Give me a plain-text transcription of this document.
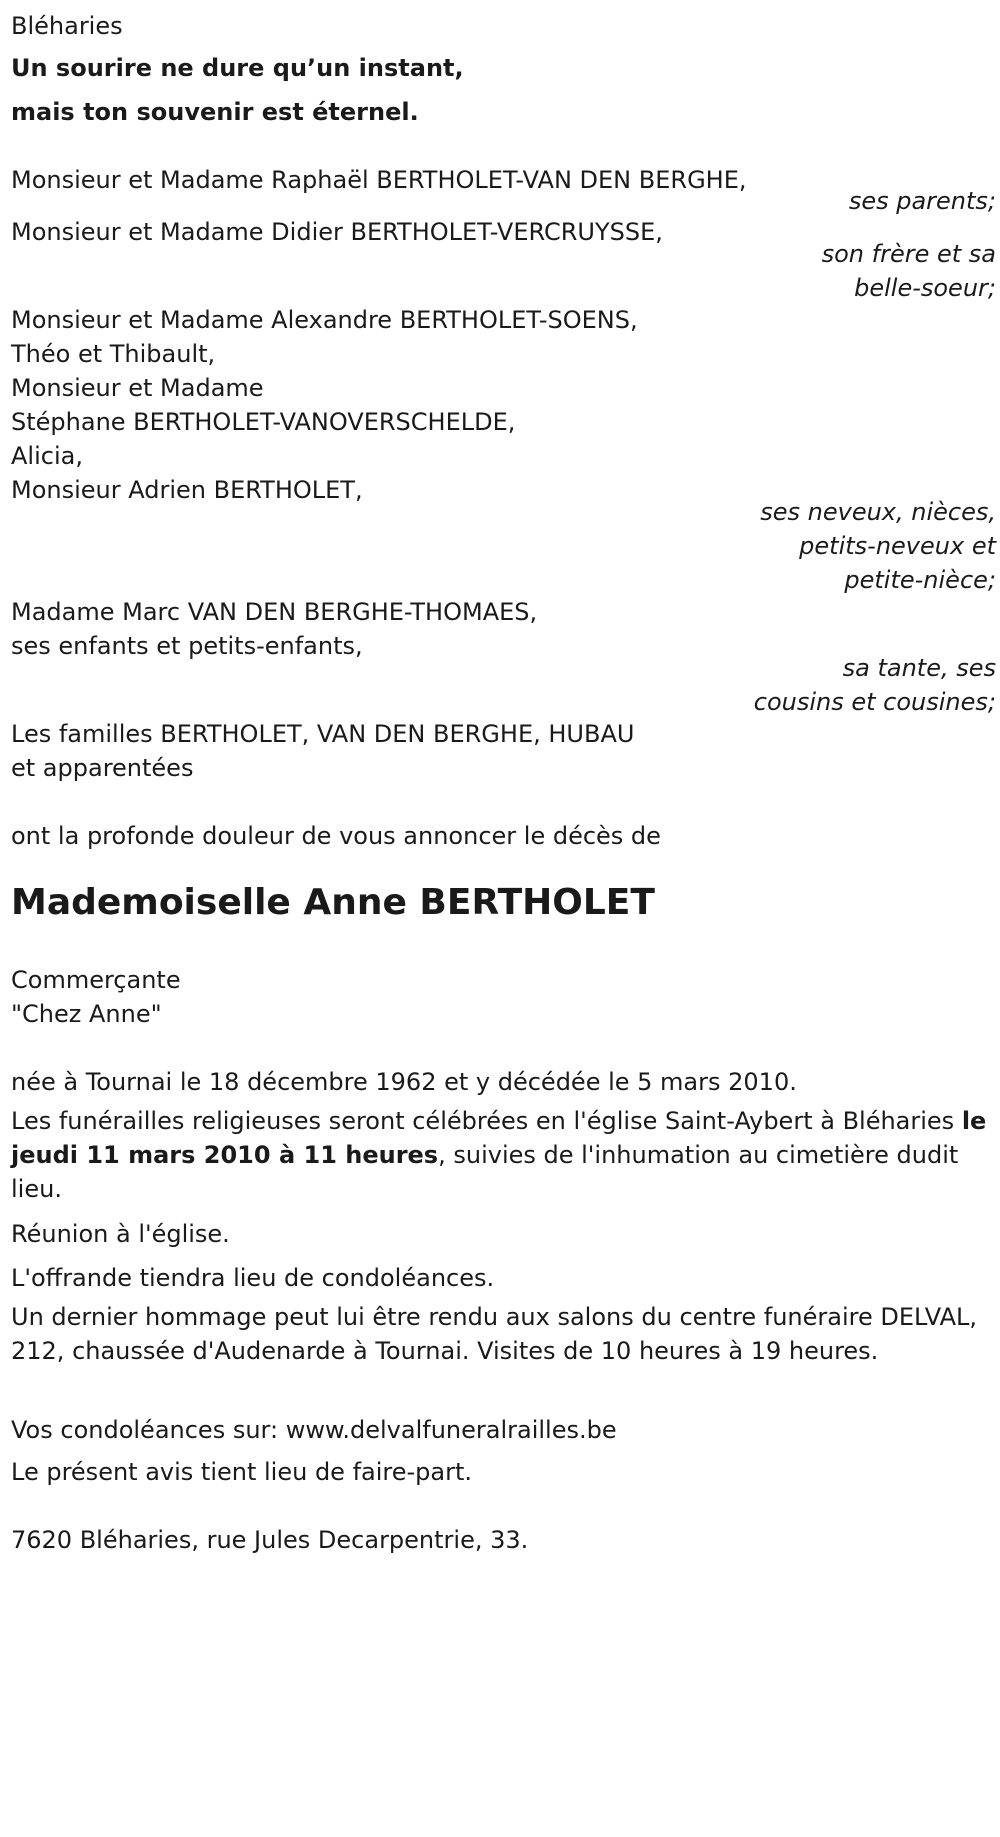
Bléharies
Un sourire ne dure qu’un instant,
mais ton souvenir est éternel.
Monsieur et Madame Raphaël BERTHOLET-VAN DEN BERGHE,
ses parents;
Monsieur et Madame Didier BERTHOLET-VERCRUYSSE,
son frère et sa
belle-soeur;
Monsieur et Madame Alexandre BERTHOLET-SOENS,
Théo et Thibault,
Monsieur et Madame
Stéphane BERTHOLET-VANOVERSCHELDE,
Alicia,
Monsieur Adrien BERTHOLET,
ses neveux, nièces,
petits-neveux et
petite-nièce;
Madame Marc VAN DEN BERGHE-THOMAES,
ses enfants et petits-enfants,
sa tante, ses
cousins et cousines;
Les familles BERTHOLET, VAN DEN BERGHE, HUBAU
et apparentées
ont la profonde douleur de vous annoncer le décès de
Mademoiselle Anne BERTHOLET
Commerçante
"Chez Anne"
née à Tournai le 18 décembre 1962 et y décédée le 5 mars 2010.
Les funérailles religieuses seront célébrées en l'église Saint-Aybert à Bléharies le jeudi 11 mars 2010 à 11 heures, suivies de l'inhumation au cimetière dudit lieu.
Réunion à l'église.
L'offrande tiendra lieu de condoléances.
Un dernier hommage peut lui être rendu aux salons du centre funéraire DELVAL, 212, chaussée d'Audenarde à Tournai. Visites de 10 heures à 19 heures.
Vos condoléances sur: www.delvalfuneral​railles.be
Le présent avis tient lieu de faire-part.
7620 Bléharies, rue Jules Decarpentrie, 33.
